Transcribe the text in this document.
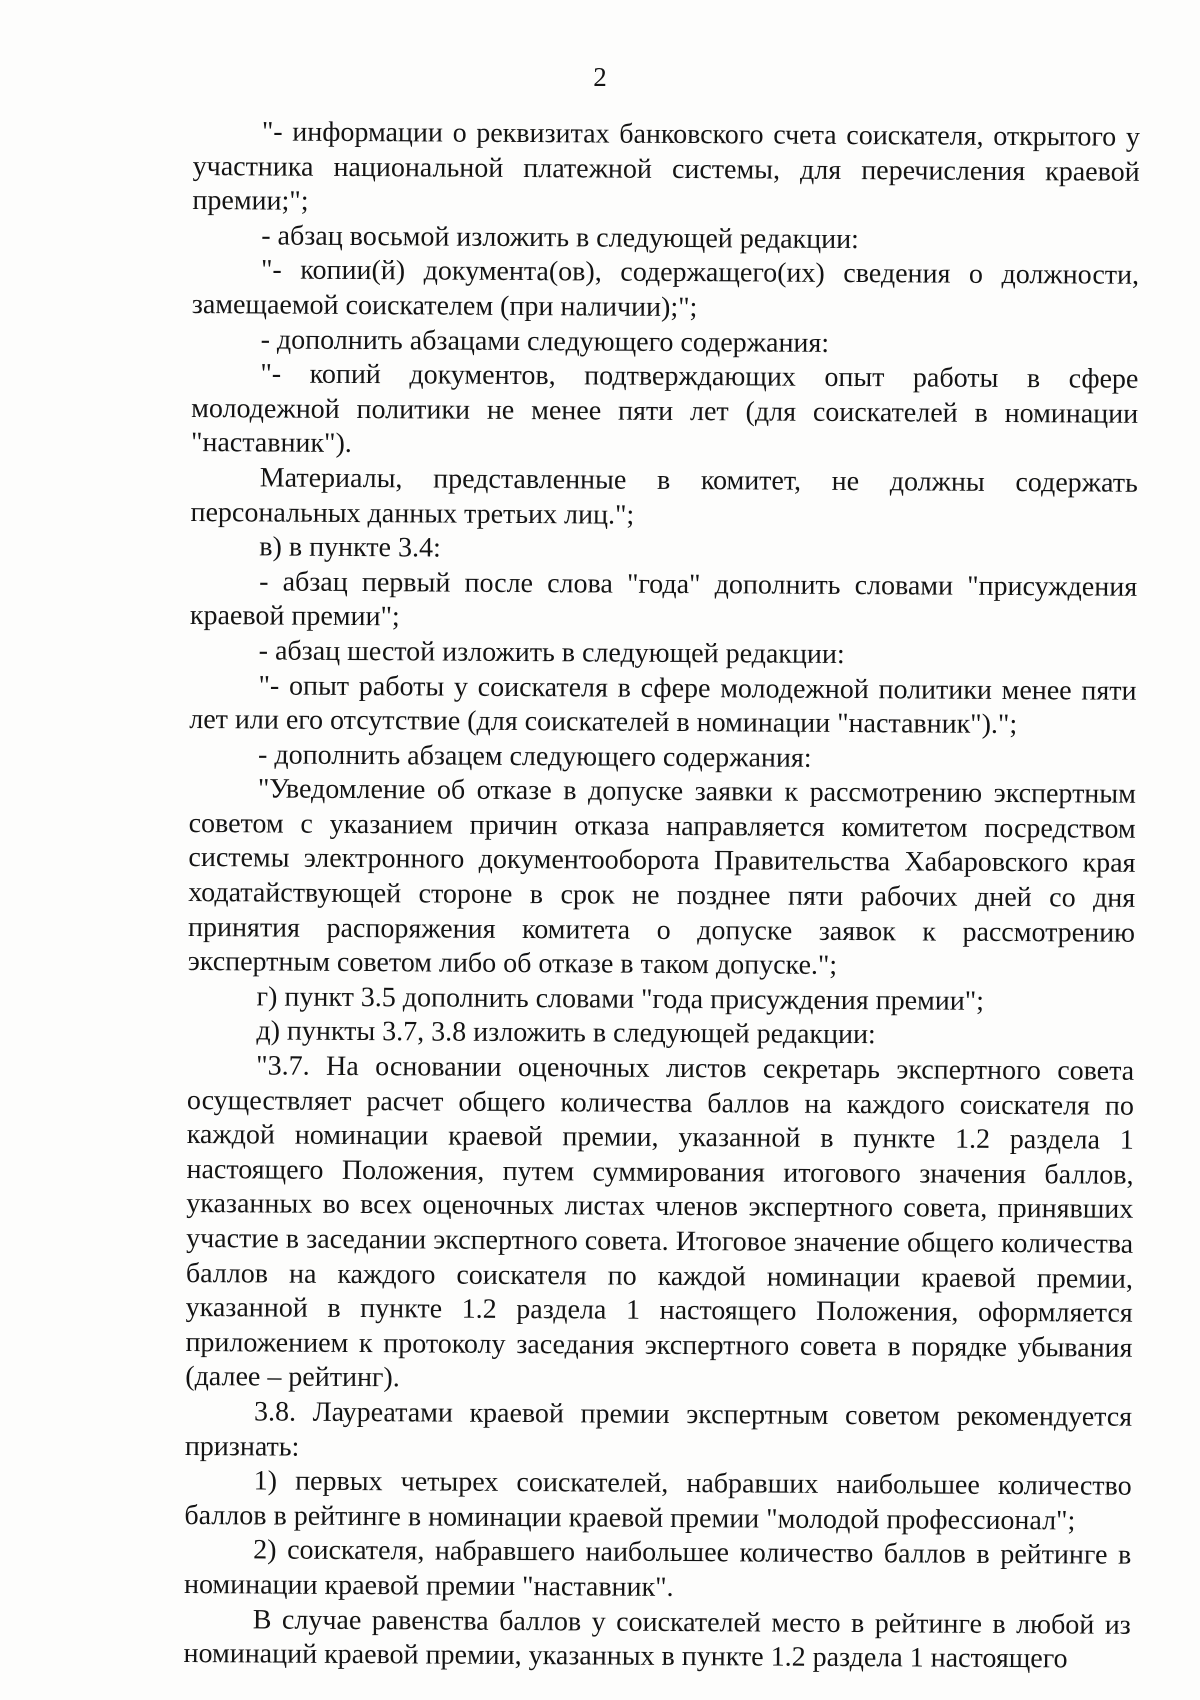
2

"- информации о реквизитах банковского счета соискателя, открытого у участника национальной платежной системы, для перечисления краевой премии;";

- абзац восьмой изложить в следующей редакции:

"- копии(й) документа(ов), содержащего(их) сведения о должности, замещаемой соискателем (при наличии);";

- дополнить абзацами следующего содержания:

"- копий документов, подтверждающих опыт работы в сфере молодежной политики не менее пяти лет (для соискателей в номинации "наставник").

Материалы, представленные в комитет, не должны содержать персональных данных третьих лиц.";

в) в пункте 3.4:

- абзац первый после слова "года" дополнить словами "присуждения краевой премии";

- абзац шестой изложить в следующей редакции:

"- опыт работы у соискателя в сфере молодежной политики менее пяти лет или его отсутствие (для соискателей в номинации "наставник").";

- дополнить абзацем следующего содержания:

"Уведомление об отказе в допуске заявки к рассмотрению экспертным советом с указанием причин отказа направляется комитетом посредством системы электронного документооборота Правительства Хабаровского края ходатайствующей стороне в срок не позднее пяти рабочих дней со дня принятия распоряжения комитета о допуске заявок к рассмотрению экспертным советом либо об отказе в таком допуске.";

г) пункт 3.5 дополнить словами "года присуждения премии";

д) пункты 3.7, 3.8 изложить в следующей редакции:

"3.7. На основании оценочных листов секретарь экспертного совета осуществляет расчет общего количества баллов на каждого соискателя по каждой номинации краевой премии, указанной в пункте 1.2 раздела 1 настоящего Положения, путем суммирования итогового значения баллов, указанных во всех оценочных листах членов экспертного совета, принявших участие в заседании экспертного совета. Итоговое значение общего количества баллов на каждого соискателя по каждой номинации краевой премии, указанной в пункте 1.2 раздела 1 настоящего Положения, оформляется приложением к протоколу заседания экспертного совета в порядке убывания (далее – рейтинг).

3.8. Лауреатами краевой премии экспертным советом рекомендуется признать:

1) первых четырех соискателей, набравших наибольшее количество баллов в рейтинге в номинации краевой премии "молодой профессионал";

2) соискателя, набравшего наибольшее количество баллов в рейтинге в номинации краевой премии "наставник".

В случае равенства баллов у соискателей место в рейтинге в любой из номинаций краевой премии, указанных в пункте 1.2 раздела 1 настоящего
